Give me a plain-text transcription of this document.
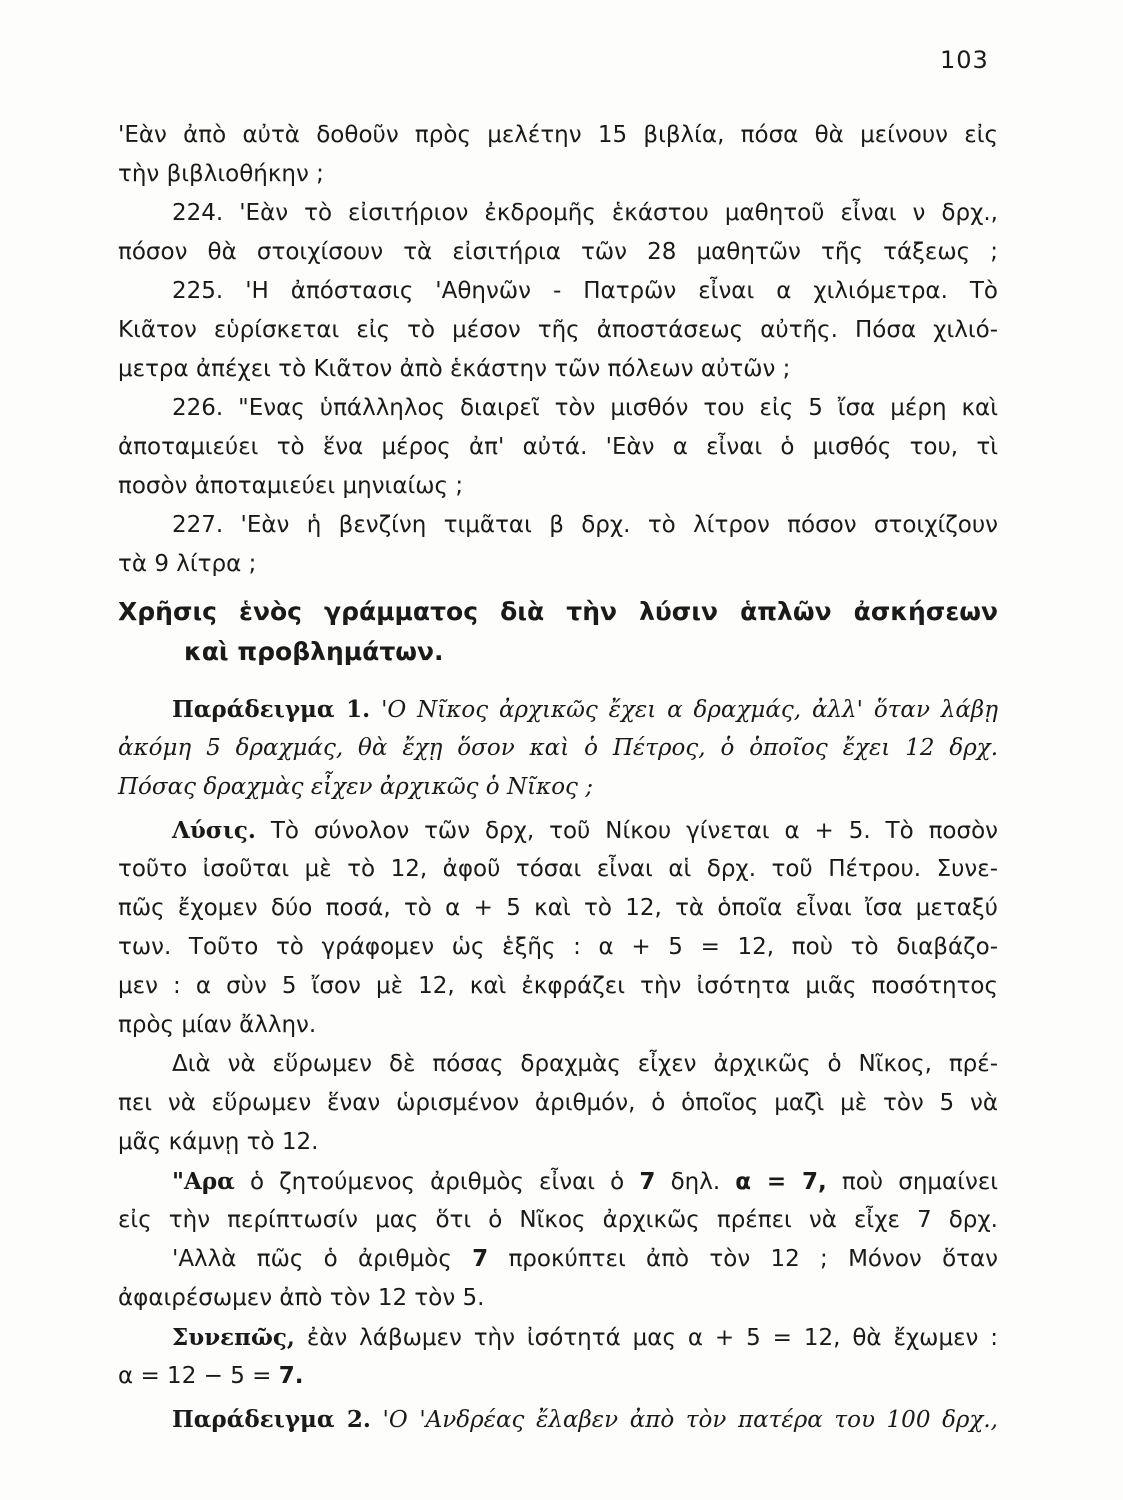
103
'Εὰν ἀπὸ αὐτὰ δοθοῦν πρὸς μελέτην 15 βιβλία, πόσα θὰ μείνουν εἰς
τὴν βιβλιοθήκην ;
224. 'Εὰν τὸ εἰσιτήριον ἐκδρομῆς ἑκάστου μαθητοῦ εἶναι ν δρχ.,
πόσον θὰ στοιχίσουν τὰ εἰσιτήρια τῶν 28 μαθητῶν τῆς τάξεως ;
225. 'Η ἀπόστασις 'Αθηνῶν - Πατρῶν εἶναι α χιλιόμετρα. Τὸ
Κιᾶτον εὑρίσκεται εἰς τὸ μέσον τῆς ἀποστάσεως αὐτῆς. Πόσα χιλιό-
μετρα ἀπέχει τὸ Κιᾶτον ἀπὸ ἑκάστην τῶν πόλεων αὐτῶν ;
226. "Ενας ὑπάλληλος διαιρεῖ τὸν μισθόν του εἰς 5 ἴσα μέρη καὶ
ἀποταμιεύει τὸ ἕνα μέρος ἀπ' αὐτά. 'Εὰν α εἶναι ὁ μισθός του, τὶ
ποσὸν ἀποταμιεύει μηνιαίως ;
227. 'Εὰν ἡ βενζίνη τιμᾶται β δρχ. τὸ λίτρον πόσον στοιχίζουν
τὰ 9 λίτρα ;
Χρῆσις ἑνὸς γράμματος διὰ τὴν λύσιν ἁπλῶν ἀσκήσεων
καὶ προβλημάτων.
Παράδειγμα 1. 'Ο Νῖκος ἀρχικῶς ἔχει α δραχμάς, ἀλλ' ὅταν λάβῃ
ἀκόμη 5 δραχμάς, θὰ ἔχῃ ὅσον καὶ ὁ Πέτρος, ὁ ὁποῖος ἔχει 12 δρχ.
Πόσας δραχμὰς εἶχεν ἀρχικῶς ὁ Νῖκος ;
Λύσις. Τὸ σύνολον τῶν δρχ, τοῦ Νίκου γίνεται α + 5. Τὸ ποσὸν
τοῦτο ἰσοῦται μὲ τὸ 12, ἀφοῦ τόσαι εἶναι αἱ δρχ. τοῦ Πέτρου. Συνε-
πῶς ἔχομεν δύο ποσά, τὸ α + 5 καὶ τὸ 12, τὰ ὁποῖα εἶναι ἴσα μεταξύ
των. Τοῦτο τὸ γράφομεν ὡς ἑξῆς : α + 5 = 12, ποὺ τὸ διαβάζο-
μεν : α σὺν 5 ἴσον μὲ 12, καὶ ἐκφράζει τὴν ἰσότητα μιᾶς ποσότητος
πρὸς μίαν ἄλλην.
Διὰ νὰ εὕρωμεν δὲ πόσας δραχμὰς εἶχεν ἀρχικῶς ὁ Νῖκος, πρέ-
πει νὰ εὕρωμεν ἕναν ὡρισμένον ἀριθμόν, ὁ ὁποῖος μαζὶ μὲ τὸν 5 νὰ
μᾶς κάμνῃ τὸ 12.
"Αρα ὁ ζητούμενος ἀριθμὸς εἶναι ὁ 7 δηλ. α = 7, ποὺ σημαίνει
εἰς τὴν περίπτωσίν μας ὅτι ὁ Νῖκος ἀρχικῶς πρέπει νὰ εἶχε 7 δρχ.
'Αλλὰ πῶς ὁ ἀριθμὸς 7 προκύπτει ἀπὸ τὸν 12 ; Μόνον ὅταν
ἀφαιρέσωμεν ἀπὸ τὸν 12 τὸν 5.
Συνεπῶς, ἐὰν λάβωμεν τὴν ἰσότητά μας α + 5 = 12, θὰ ἔχωμεν :
α = 12 − 5 = 7.
Παράδειγμα 2. 'Ο 'Ανδρέας ἔλαβεν ἀπὸ τὸν πατέρα του 100 δρχ.,
